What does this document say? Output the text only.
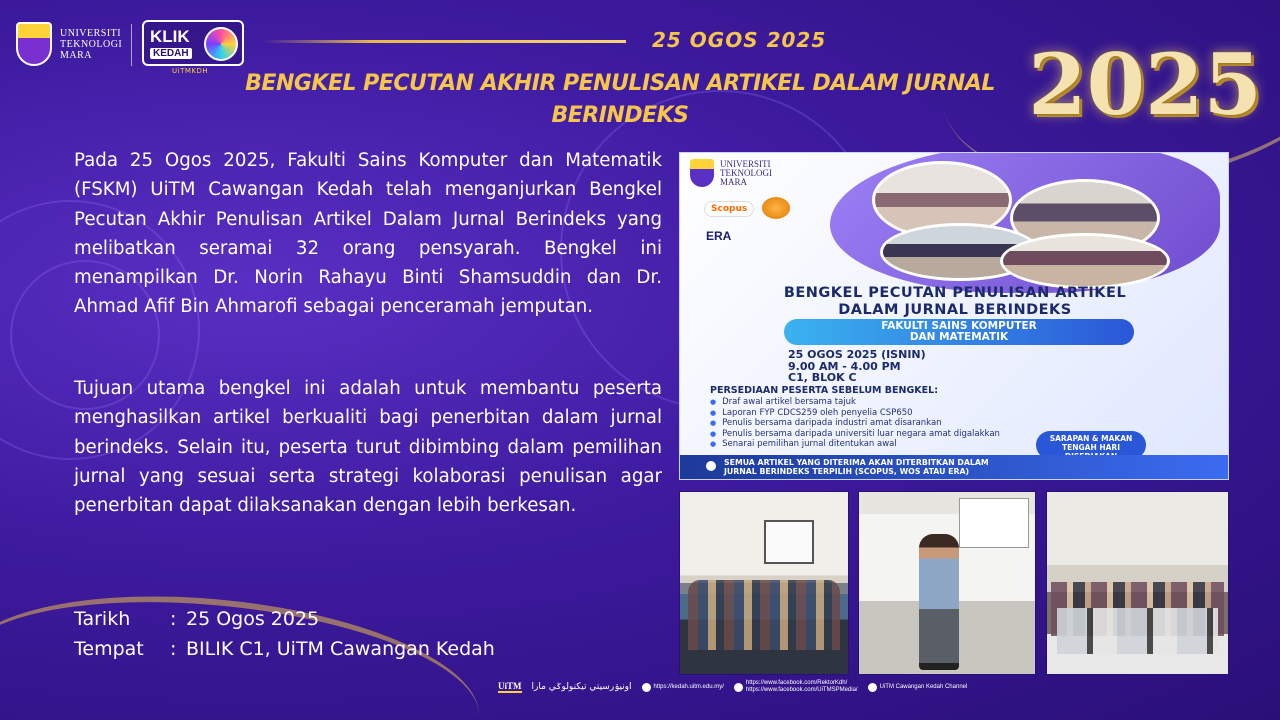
UNIVERSITI
TEKNOLOGI
MARA
KLIK
KEDAH
UiTMKDH
25 OGOS 2025 2025
BENGKEL PECUTAN AKHIR PENULISAN ARTIKEL DALAM JURNAL BERINDEKS

Pada 25 Ogos 2025, Fakulti Sains Komputer dan Matematik (FSKM) UiTM Cawangan Kedah telah menganjurkan Bengkel Pecutan Akhir Penulisan Artikel Dalam Jurnal Berindeks yang melibatkan seramai 32 orang pensyarah. Bengkel ini menampilkan Dr. Norin Rahayu Binti Shamsuddin dan Dr. Ahmad Afif Bin Ahmarofi sebagai penceramah jemputan.

Tujuan utama bengkel ini adalah untuk membantu peserta menghasilkan artikel berkualiti bagi penerbitan dalam jurnal berindeks. Selain itu, peserta turut dibimbing dalam pemilihan jurnal yang sesuai serta strategi kolaborasi penulisan agar penerbitan dapat dilaksanakan dengan lebih berkesan.

Tarikh	: 25 Ogos 2025
Tempat	: BILIK C1, UiTM Cawangan Kedah
UNIVERSITI
TEKNOLOGI
MARA
Scopus
ERA
BENGKEL PECUTAN PENULISAN ARTIKEL
DALAM JURNAL BERINDEKS
FAKULTI SAINS KOMPUTER
DAN MATEMATIK
25 OGOS 2025 (ISNIN)
9.00 AM - 4.00 PM
C1, BLOK C
PERSEDIAAN PESERTA SEBELUM BENGKEL:
● Draf awal artikel bersama tajuk
● Laporan FYP CDCS259 oleh penyelia CSP650
● Penulis bersama daripada industri amat disarankan
● Penulis bersama daripada universiti luar negara amat digalakkan
● Senarai pemilihan jurnal ditentukan awal
SARAPAN & MAKAN
TENGAH HARI
SEMUA ARTIKEL YANG DITERIMA AKAN DITERBITKAN DALAM
JURNAL BERINDEKS TERPILIH (SCOPUS, WOS ATAU ERA)
UiTM اونيۏرسيتي تيكنولوݢي مارا	https://kedah.uitm.edu.my/
https://www.facebook.com/RektorKdh/
https://www.facebook.com/UiTMSPMedia/	UiTM Cawangan Kedah Channel
